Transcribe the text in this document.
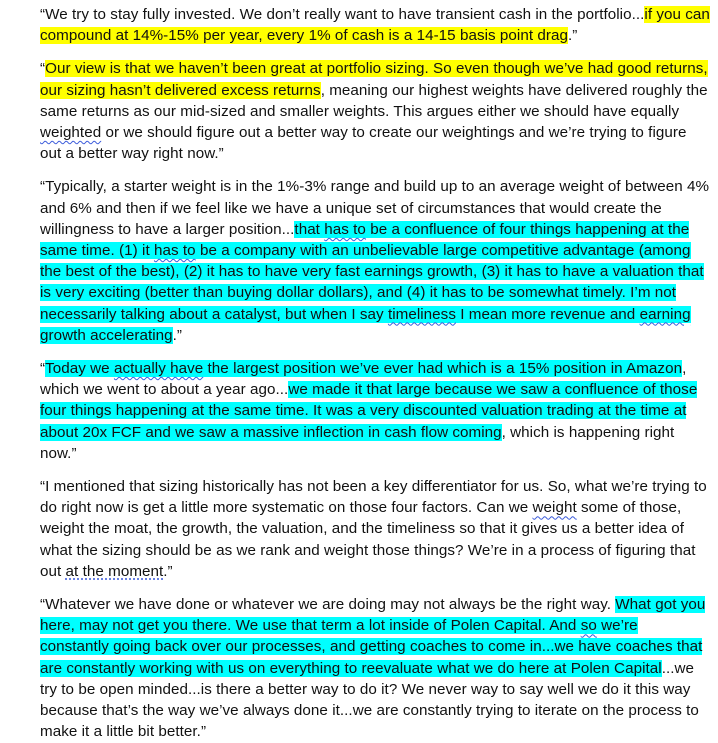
“We try to stay fully invested. We don’t really want to have transient cash in the portfolio...if you can compound at 14%-15% per year, every 1% of cash is a 14-15 basis point drag.”

“Our view is that we haven’t been great at portfolio sizing. So even though we’ve had good returns, our sizing hasn’t delivered excess returns, meaning our highest weights have delivered roughly the same returns as our mid-sized and smaller weights. This argues either we should have equally weighted or we should figure out a better way to create our weightings and we’re trying to figure out a better way right now.”

“Typically, a starter weight is in the 1%-3% range and build up to an average weight of between 4% and 6% and then if we feel like we have a unique set of circumstances that would create the willingness to have a larger position...that has to be a confluence of four things happening at the same time. (1) it has to be a company with an unbelievable large competitive advantage (among the best of the best), (2) it has to have very fast earnings growth, (3) it has to have a valuation that is very exciting (better than buying dollar dollars), and (4) it has to be somewhat timely. I’m not necessarily talking about a catalyst, but when I say timeliness I mean more revenue and earning growth accelerating.”

“Today we actually have the largest position we’ve ever had which is a 15% position in Amazon, which we went to about a year ago...we made it that large because we saw a confluence of those four things happening at the same time. It was a very discounted valuation trading at the time at about 20x FCF and we saw a massive inflection in cash flow coming, which is happening right now.”

“I mentioned that sizing historically has not been a key differentiator for us. So, what we’re trying to do right now is get a little more systematic on those four factors. Can we weight some of those, weight the moat, the growth, the valuation, and the timeliness so that it gives us a better idea of what the sizing should be as we rank and weight those things? We’re in a process of figuring that out at the moment.”

“Whatever we have done or whatever we are doing may not always be the right way. What got you here, may not get you there. We use that term a lot inside of Polen Capital. And so we’re constantly going back over our processes, and getting coaches to come in...we have coaches that are constantly working with us on everything to reevaluate what we do here at Polen Capital...we try to be open minded...is there a better way to do it? We never way to say well we do it this way because that’s the way we’ve always done it...we are constantly trying to iterate on the process to make it a little bit better.”
